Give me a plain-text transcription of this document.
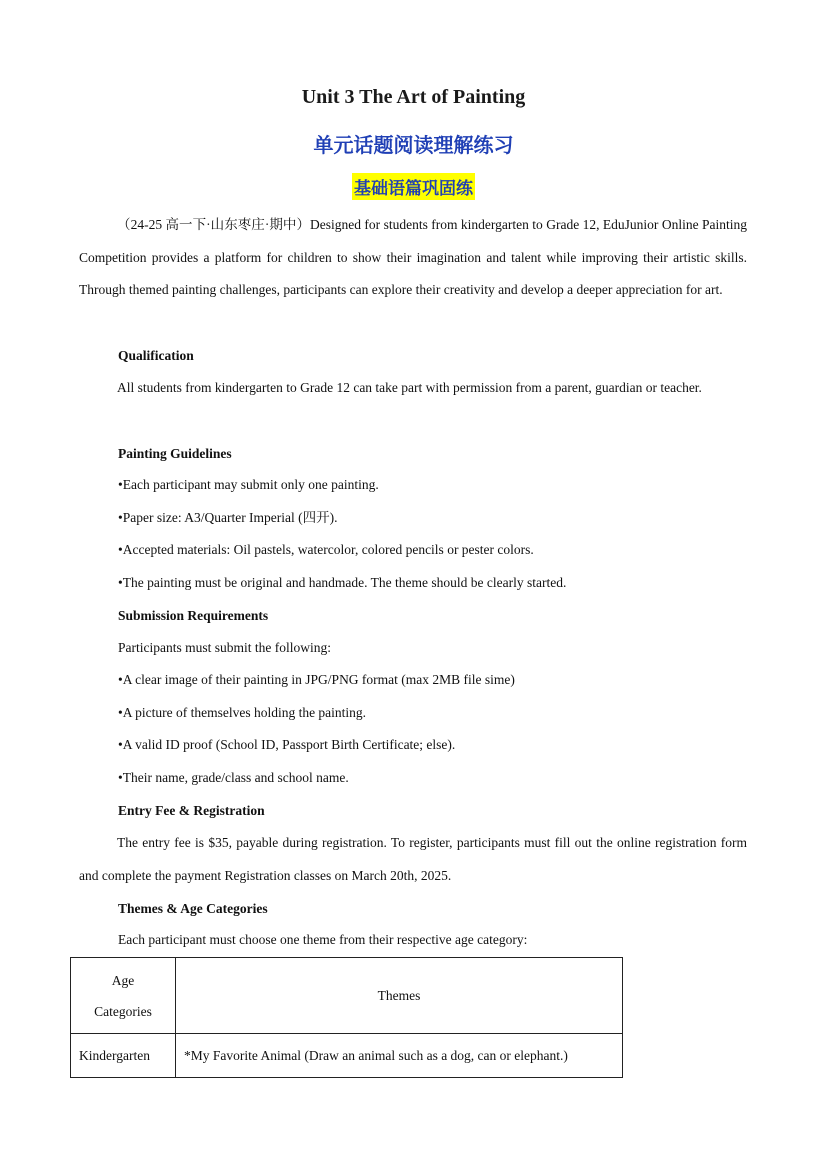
Unit 3 The Art of Painting
单元话题阅读理解练习
基础语篇巩固练

（24-25 高一下·山东枣庄·期中）Designed for students from kindergarten to Grade 12, EduJunior Online Painting Competition provides a platform for children to show their imagination and talent while improving their artistic skills. Through themed painting challenges, participants can explore their creativity and develop a deeper appreciation for art.

Qualification

All students from kindergarten to Grade 12 can take part with permission from a parent, guardian or teacher.

Painting Guidelines

•Each participant may submit only one painting.

•Paper size: A3/Quarter Imperial (四开).

•Accepted materials: Oil pastels, watercolor, colored pencils or pester colors.

•The painting must be original and handmade. The theme should be clearly started.

Submission Requirements

Participants must submit the following:

•A clear image of their painting in JPG/PNG format (max 2MB file sime)

•A picture of themselves holding the painting.

•A valid ID proof (School ID, Passport Birth Certificate; else).

•Their name, grade/class and school name.

Entry Fee & Registration

The entry fee is $35, payable during registration. To register, participants must fill out the online registration form and complete the payment Registration classes on March 20th, 2025.

Themes & Age Categories

Each participant must choose one theme from their respective age category:

Age
Categories	Themes
Kindergarten	*My Favorite Animal (Draw an animal such as a dog, can or elephant.)
